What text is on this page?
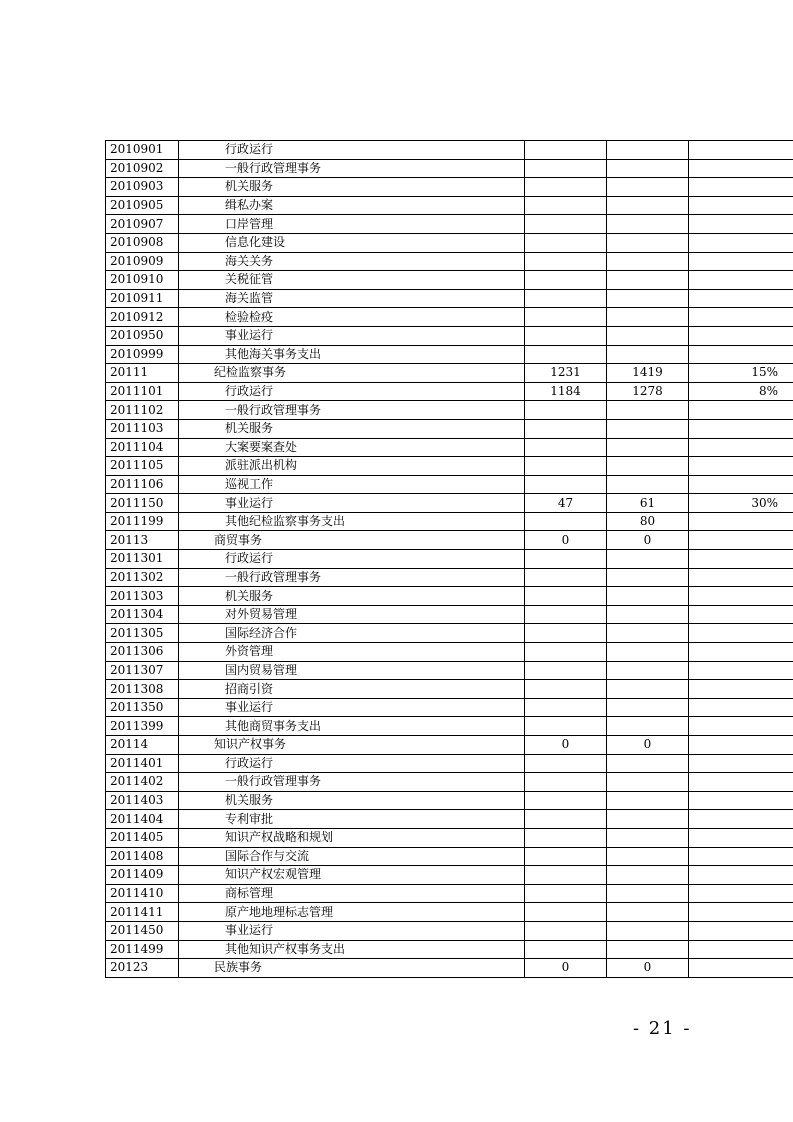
2010901	行政运行			
2010902	一般行政管理事务			
2010903	机关服务			
2010905	缉私办案			
2010907	口岸管理			
2010908	信息化建设			
2010909	海关关务			
2010910	关税征管			
2010911	海关监管			
2010912	检验检疫			
2010950	事业运行			
2010999	其他海关事务支出			
20111	纪检监察事务	1231	1419	15%
2011101	行政运行	1184	1278	8%
2011102	一般行政管理事务			
2011103	机关服务			
2011104	大案要案查处			
2011105	派驻派出机构			
2011106	巡视工作			
2011150	事业运行	47	61	30%
2011199	其他纪检监察事务支出		80	
20113	商贸事务	0	0	
2011301	行政运行			
2011302	一般行政管理事务			
2011303	机关服务			
2011304	对外贸易管理			
2011305	国际经济合作			
2011306	外资管理			
2011307	国内贸易管理			
2011308	招商引资			
2011350	事业运行			
2011399	其他商贸事务支出			
20114	知识产权事务	0	0	
2011401	行政运行			
2011402	一般行政管理事务			
2011403	机关服务			
2011404	专利审批			
2011405	知识产权战略和规划			
2011408	国际合作与交流			
2011409	知识产权宏观管理			
2011410	商标管理			
2011411	原产地地理标志管理			
2011450	事业运行			
2011499	其他知识产权事务支出			
20123	民族事务	0	0	
- 21 -
